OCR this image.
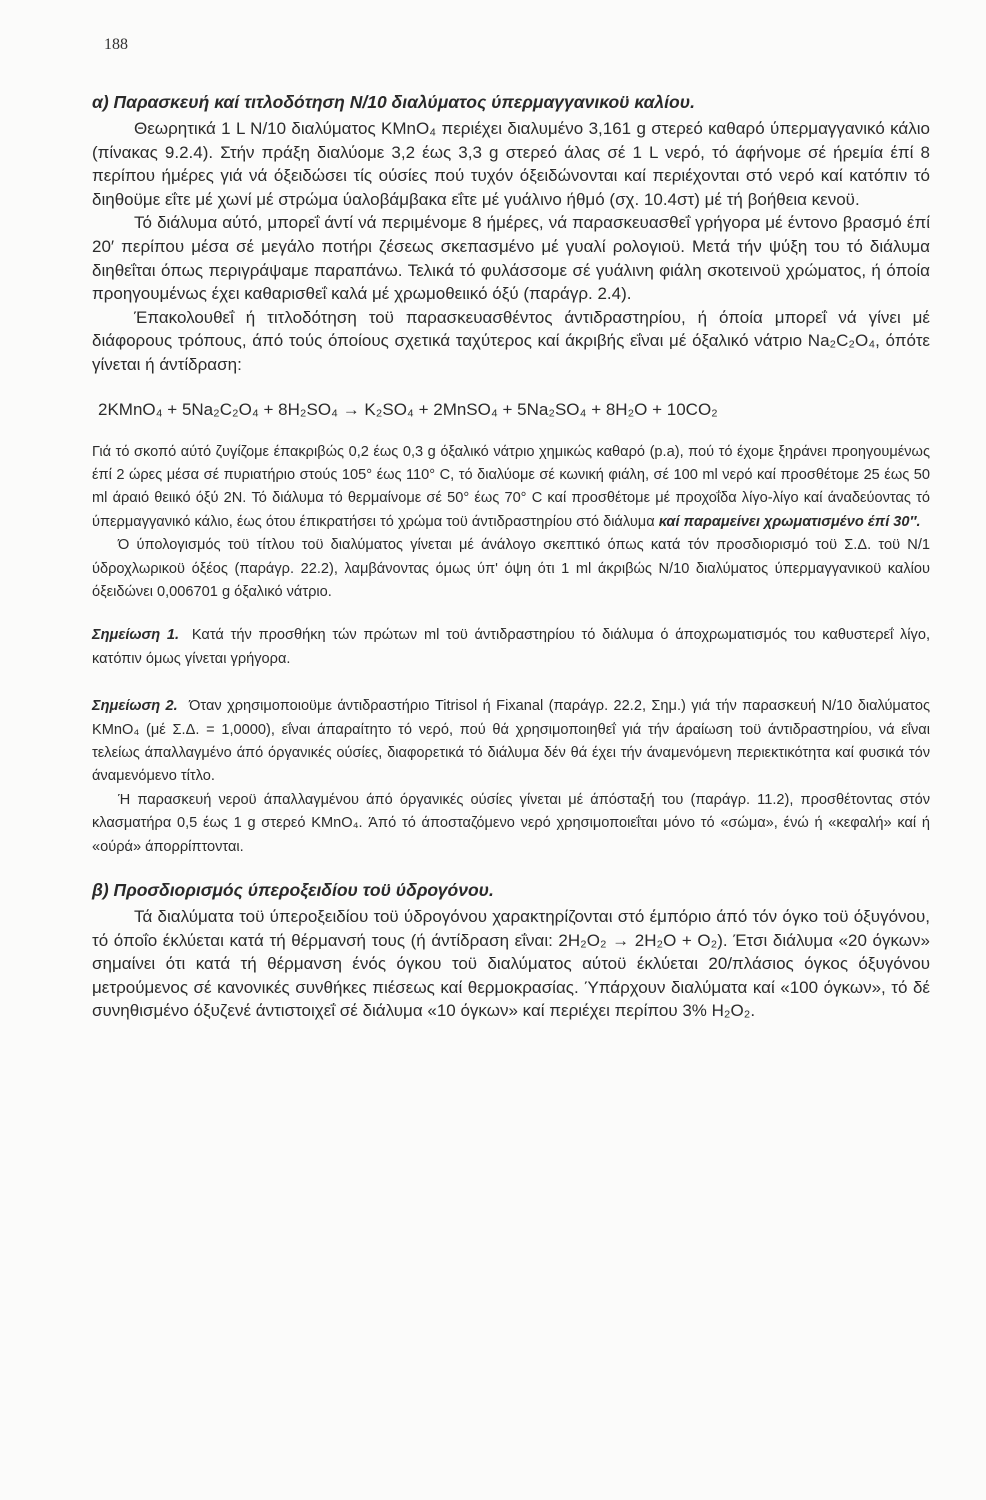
188
α) Παρασκευή καί τιτλοδότηση Ν/10 διαλύματος ύπερμαγγανικοϋ καλίου.

Θεωρητικά 1 L Ν/10 διαλύματος ΚΜnO₄ περιέχει διαλυμένο 3,161 g στερεό καθαρό ύπερμαγγανικό κάλιο (πίνακας 9.2.4). Στήν πράξη διαλύομε 3,2 έως 3,3 g στερεό άλας σέ 1 L νερό, τό άφήνομε σέ ήρεμία έπί 8 περίπου ήμέρες γιά νά όξειδώσει τίς ούσίες πού τυχόν όξειδώνονται καί περιέχονται στό νερό καί κατόπιν τό διηθοϋμε εΐτε μέ χωνί μέ στρώμα ύαλοβάμβακα εΐτε μέ γυάλινο ήθμό (σχ. 10.4στ) μέ τή βοήθεια κενοϋ.

Τό διάλυμα αύτό, μπορεΐ άντί νά περιμένομε 8 ήμέρες, νά παρασκευασθεΐ γρήγορα μέ έντονο βρασμό έπί 20′ περίπου μέσα σέ μεγάλο ποτήρι ζέσεως σκεπασμένο μέ γυαλί ρολογιοϋ. Μετά τήν ψύξη του τό διάλυμα διηθεΐται όπως περιγράψαμε παραπάνω. Τελικά τό φυλάσσομε σέ γυάλινη φιάλη σκοτεινοϋ χρώματος, ή όποία προηγουμένως έχει καθαρισθεΐ καλά μέ χρωμοθειικό όξύ (παράγρ. 2.4).

Έπακολουθεΐ ή τιτλοδότηση τοϋ παρασκευασθέντος άντιδραστηρίου, ή όποία μπορεΐ νά γίνει μέ διάφορους τρόπους, άπό τούς όποίους σχετικά ταχύτερος καί άκριβής εΐναι μέ όξαλικό νάτριο Na₂C₂O₄, όπότε γίνεται ή άντίδραση:

2KMnO₄ + 5Na₂C₂O₄ + 8H₂SO₄ → K₂SO₄ + 2MnSO₄ + 5Na₂SO₄ + 8H₂O + 10CO₂

Γιά τό σκοπό αύτό ζυγίζομε έπακριβώς 0,2 έως 0,3 g όξαλικό νάτριο χημικώς καθαρό (p.a), πού τό έχομε ξηράνει προηγουμένως έπί 2 ώρες μέσα σέ πυριατήριο στούς 105° έως 110° C, τό διαλύομε σέ κωνική φιάλη, σέ 100 ml νερό καί προσθέτομε 25 έως 50 ml άραιό θειικό όξύ 2N. Τό διάλυμα τό θερμαίνομε σέ 50° έως 70° C καί προσθέτομε μέ προχοΐδα λίγο-λίγο καί άναδεύοντας τό ύπερμαγγανικό κάλιο, έως ότου έπικρατήσει τό χρώμα τοϋ άντιδραστηρίου στό διάλυμα καί παραμείνει χρωματισμένο έπί 30″.

Ό ύπολογισμός τοϋ τίτλου τοϋ διαλύματος γίνεται μέ άνάλογο σκεπτικό όπως κατά τόν προσδιορισμό τοϋ Σ.Δ. τοϋ Ν/1 ύδροχλωρικοϋ όξέος (παράγρ. 22.2), λαμβάνοντας όμως ύπ' όψη ότι 1 ml άκριβώς Ν/10 διαλύματος ύπερμαγγανικοϋ καλίου όξειδώνει 0,006701 g όξαλικό νάτριο.

Σημείωση 1. Κατά τήν προσθήκη τών πρώτων ml τοϋ άντιδραστηρίου τό διάλυμα ό άποχρωματισμός του καθυστερεΐ λίγο, κατόπιν όμως γίνεται γρήγορα.

Σημείωση 2. Όταν χρησιμοποιοϋμε άντιδραστήριο Titrisol ή Fixanal (παράγρ. 22.2, Σημ.) γιά τήν παρασκευή Ν/10 διαλύματος KMnO₄ (μέ Σ.Δ. = 1,0000), εΐναι άπαραίτητο τό νερό, πού θά χρησιμοποιηθεΐ γιά τήν άραίωση τοϋ άντιδραστηρίου, νά εΐναι τελείως άπαλλαγμένο άπό όργανικές ούσίες, διαφορετικά τό διάλυμα δέν θά έχει τήν άναμενόμενη περιεκτικότητα καί φυσικά τόν άναμενόμενο τίτλο.

Ή παρασκευή νεροϋ άπαλλαγμένου άπό όργανικές ούσίες γίνεται μέ άπόσταξή του (παράγρ. 11.2), προσθέτοντας στόν κλασματήρα 0,5 έως 1 g στερεό KMnO₄. Άπό τό άποσταζόμενο νερό χρησιμοποιεΐται μόνο τό «σώμα», ένώ ή «κεφαλή» καί ή «ούρά» άπορρίπτονται.

β) Προσδιορισμός ύπεροξειδίου τοϋ ύδρογόνου.

Τά διαλύματα τοϋ ύπεροξειδίου τοϋ ύδρογόνου χαρακτηρίζονται στό έμπόριο άπό τόν όγκο τοϋ όξυγόνου, τό όποΐο έκλύεται κατά τή θέρμανσή τους (ή άντίδραση εΐναι: 2H₂O₂ → 2H₂O + O₂). Έτσι διάλυμα «20 όγκων» σημαίνει ότι κατά τή θέρμανση ένός όγκου τοϋ διαλύματος αύτοϋ έκλύεται 20/πλάσιος όγκος όξυγόνου μετρούμενος σέ κανονικές συνθήκες πιέσεως καί θερμοκρασίας. Ύπάρχουν διαλύματα καί «100 όγκων», τό δέ συνηθισμένο όξυζενέ άντιστοιχεΐ σέ διάλυμα «10 όγκων» καί περιέχει περίπου 3% H₂O₂.
